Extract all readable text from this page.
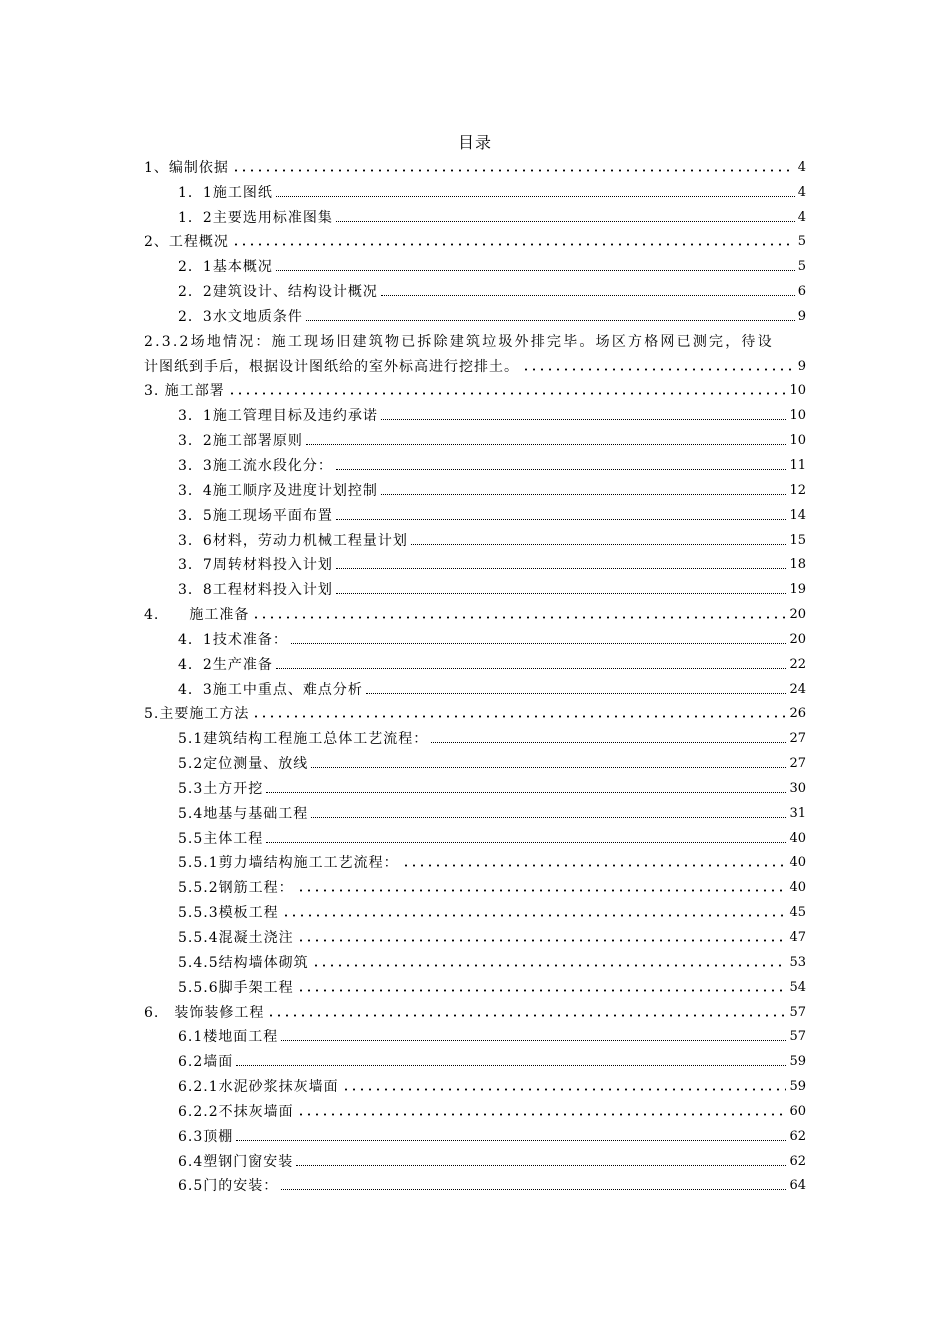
目录
1、编制依据	4
1．1施工图纸	4
1．2主要选用标准图集	4
2、工程概况	5
2．1基本概况	5
2．2建筑设计、结构设计概况	6
2．3水文地质条件	9
2.3.2场地情况：施工现场旧建筑物已拆除建筑垃圾外排完毕。场区方格网已测完，待设
计图纸到手后，根据设计图纸给的室外标高进行挖排土。	9
3. 施工部署	10
3．1施工管理目标及违约承诺	10
3．2施工部署原则	10
3．3施工流水段化分：	11
3．4施工顺序及进度计划控制	12
3．5施工现场平面布置	14
3．6材料，劳动力机械工程量计划	15
3．7周转材料投入计划	18
3．8工程材料投入计划	19
4.　　施工准备	20
4．1技术准备：	20
4．2生产准备	22
4．3施工中重点、难点分析	24
5.主要施工方法	26
5.1建筑结构工程施工总体工艺流程：	27
5.2定位测量、放线	27
5.3土方开挖	30
5.4地基与基础工程	31
5.5主体工程	40
5.5.1剪力墙结构施工工艺流程：	40
5.5.2钢筋工程：	40
5.5.3模板工程	45
5.5.4混凝土浇注	47
5.4.5结构墙体砌筑	53
5.5.6脚手架工程	54
6.　装饰装修工程	57
6.1楼地面工程	57
6.2墙面	59
6.2.1水泥砂浆抹灰墙面	59
6.2.2不抹灰墙面	60
6.3顶棚	62
6.4塑钢门窗安装	62
6.5门的安装：	64
